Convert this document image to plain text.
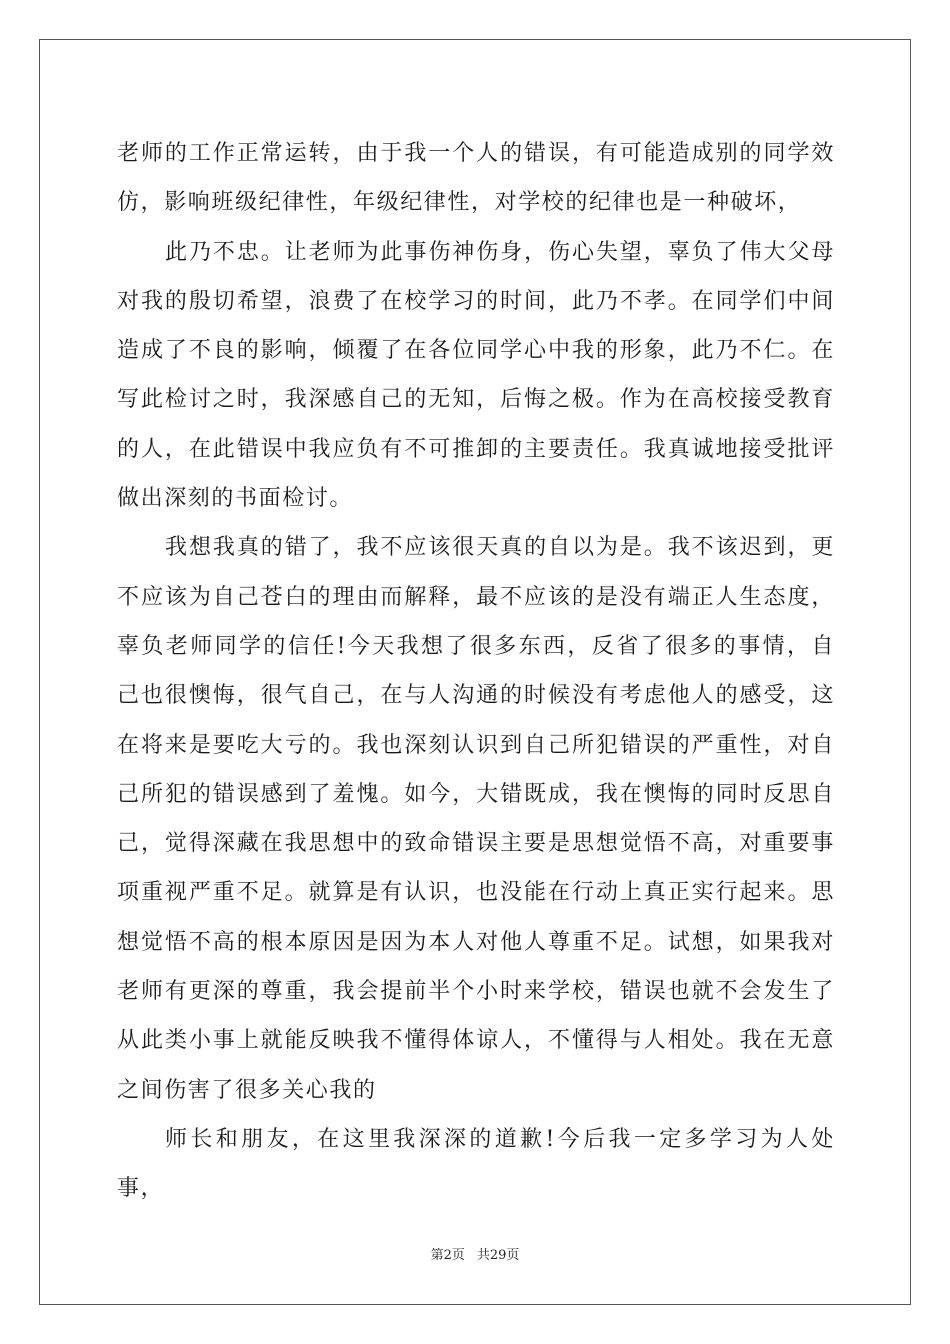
老师的工作正常运转，由于我一个人的错误，有可能造成别的同学效仿，影响班级纪律性，年级纪律性，对学校的纪律也是一种破坏，

此乃不忠。让老师为此事伤神伤身，伤心失望，辜负了伟大父母对我的殷切希望，浪费了在校学习的时间，此乃不孝。在同学们中间造成了不良的影响，倾覆了在各位同学心中我的形象，此乃不仁。在写此检讨之时，我深感自己的无知，后悔之极。作为在高校接受教育的人，在此错误中我应负有不可推卸的主要责任。我真诚地接受批评做出深刻的书面检讨。

我想我真的错了，我不应该很天真的自以为是。我不该迟到，更不应该为自己苍白的理由而解释，最不应该的是没有端正人生态度，辜负老师同学的信任!今天我想了很多东西，反省了很多的事情，自己也很懊悔，很气自己，在与人沟通的时候没有考虑他人的感受，这在将来是要吃大亏的。我也深刻认识到自己所犯错误的严重性，对自己所犯的错误感到了羞愧。如今，大错既成，我在懊悔的同时反思自己，觉得深藏在我思想中的致命错误主要是思想觉悟不高，对重要事项重视严重不足。就算是有认识，也没能在行动上真正实行起来。思想觉悟不高的根本原因是因为本人对他人尊重不足。试想，如果我对老师有更深的尊重，我会提前半个小时来学校，错误也就不会发生了从此类小事上就能反映我不懂得体谅人，不懂得与人相处。我在无意之间伤害了很多关心我的

师长和朋友，在这里我深深的道歉!今后我一定多学习为人处事，

第2页 共29页
